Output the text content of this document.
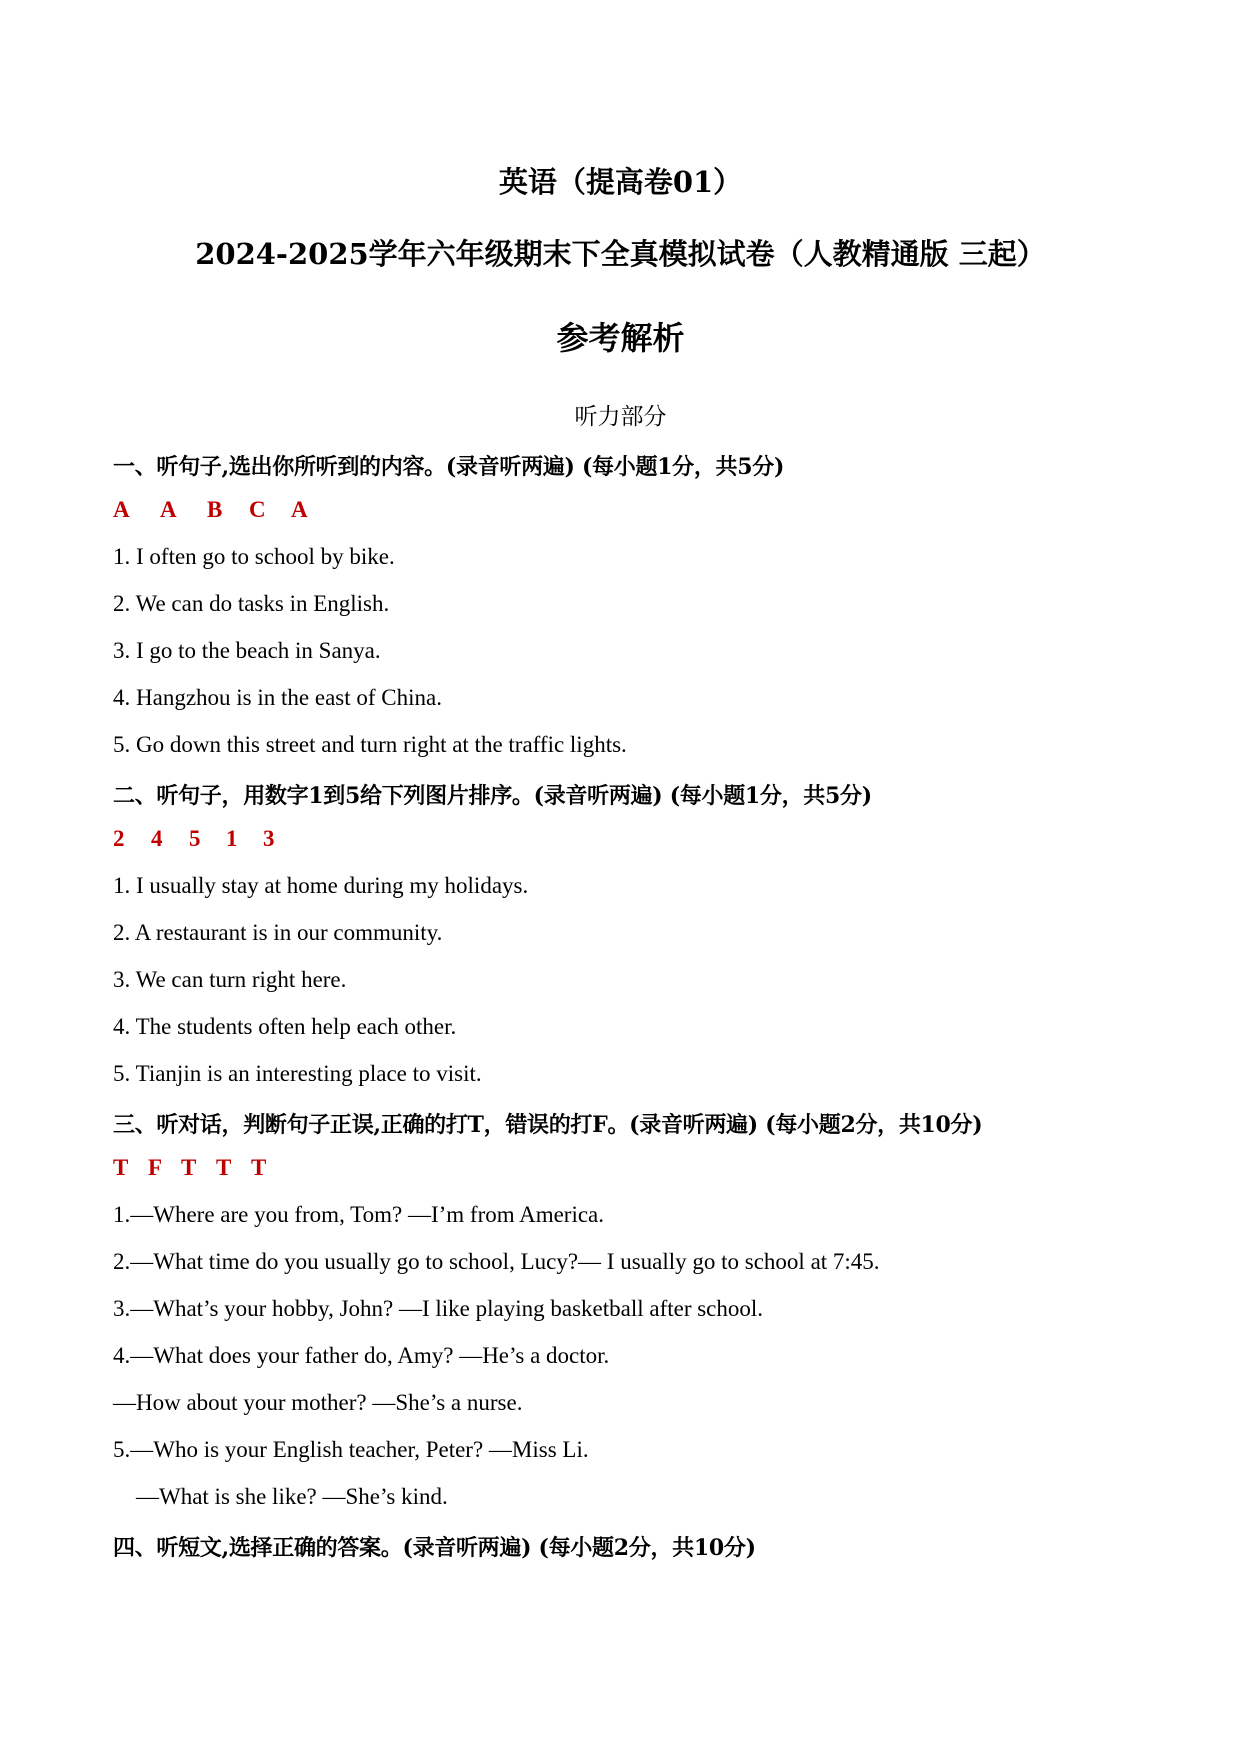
英语（提高卷01）
2024-2025学年六年级期末下全真模拟试卷（人教精通版 三起）
参考解析
听力部分
一、听句子,选出你所听到的内容。(录音听两遍) (每小题1分，共5分)
A A B C A
1. I often go to school by bike.
2. We can do tasks in English.
3. I go to the beach in Sanya.
4. Hangzhou is in the east of China.
5. Go down this street and turn right at the traffic lights.
二、听句子，用数字1到5给下列图片排序。(录音听两遍) (每小题1分，共5分)
2 4 5 1 3
1. I usually stay at home during my holidays.
2. A restaurant is in our community.
3. We can turn right here.
4. The students often help each other.
5. Tianjin is an interesting place to visit.
三、听对话，判断句子正误,正确的打T，错误的打F。(录音听两遍) (每小题2分，共10分)
T F T T T
1.—Where are you from, Tom? —I’m from America.
2.—What time do you usually go to school, Lucy?— I usually go to school at 7:45.
3.—What’s your hobby, John? —I like playing basketball after school.
4.—What does your father do, Amy? —He’s a doctor.
—How about your mother? —She’s a nurse.
5.—Who is your English teacher, Peter? —Miss Li.
—What is she like? —She’s kind.
四、听短文,选择正确的答案。(录音听两遍) (每小题2分，共10分)
